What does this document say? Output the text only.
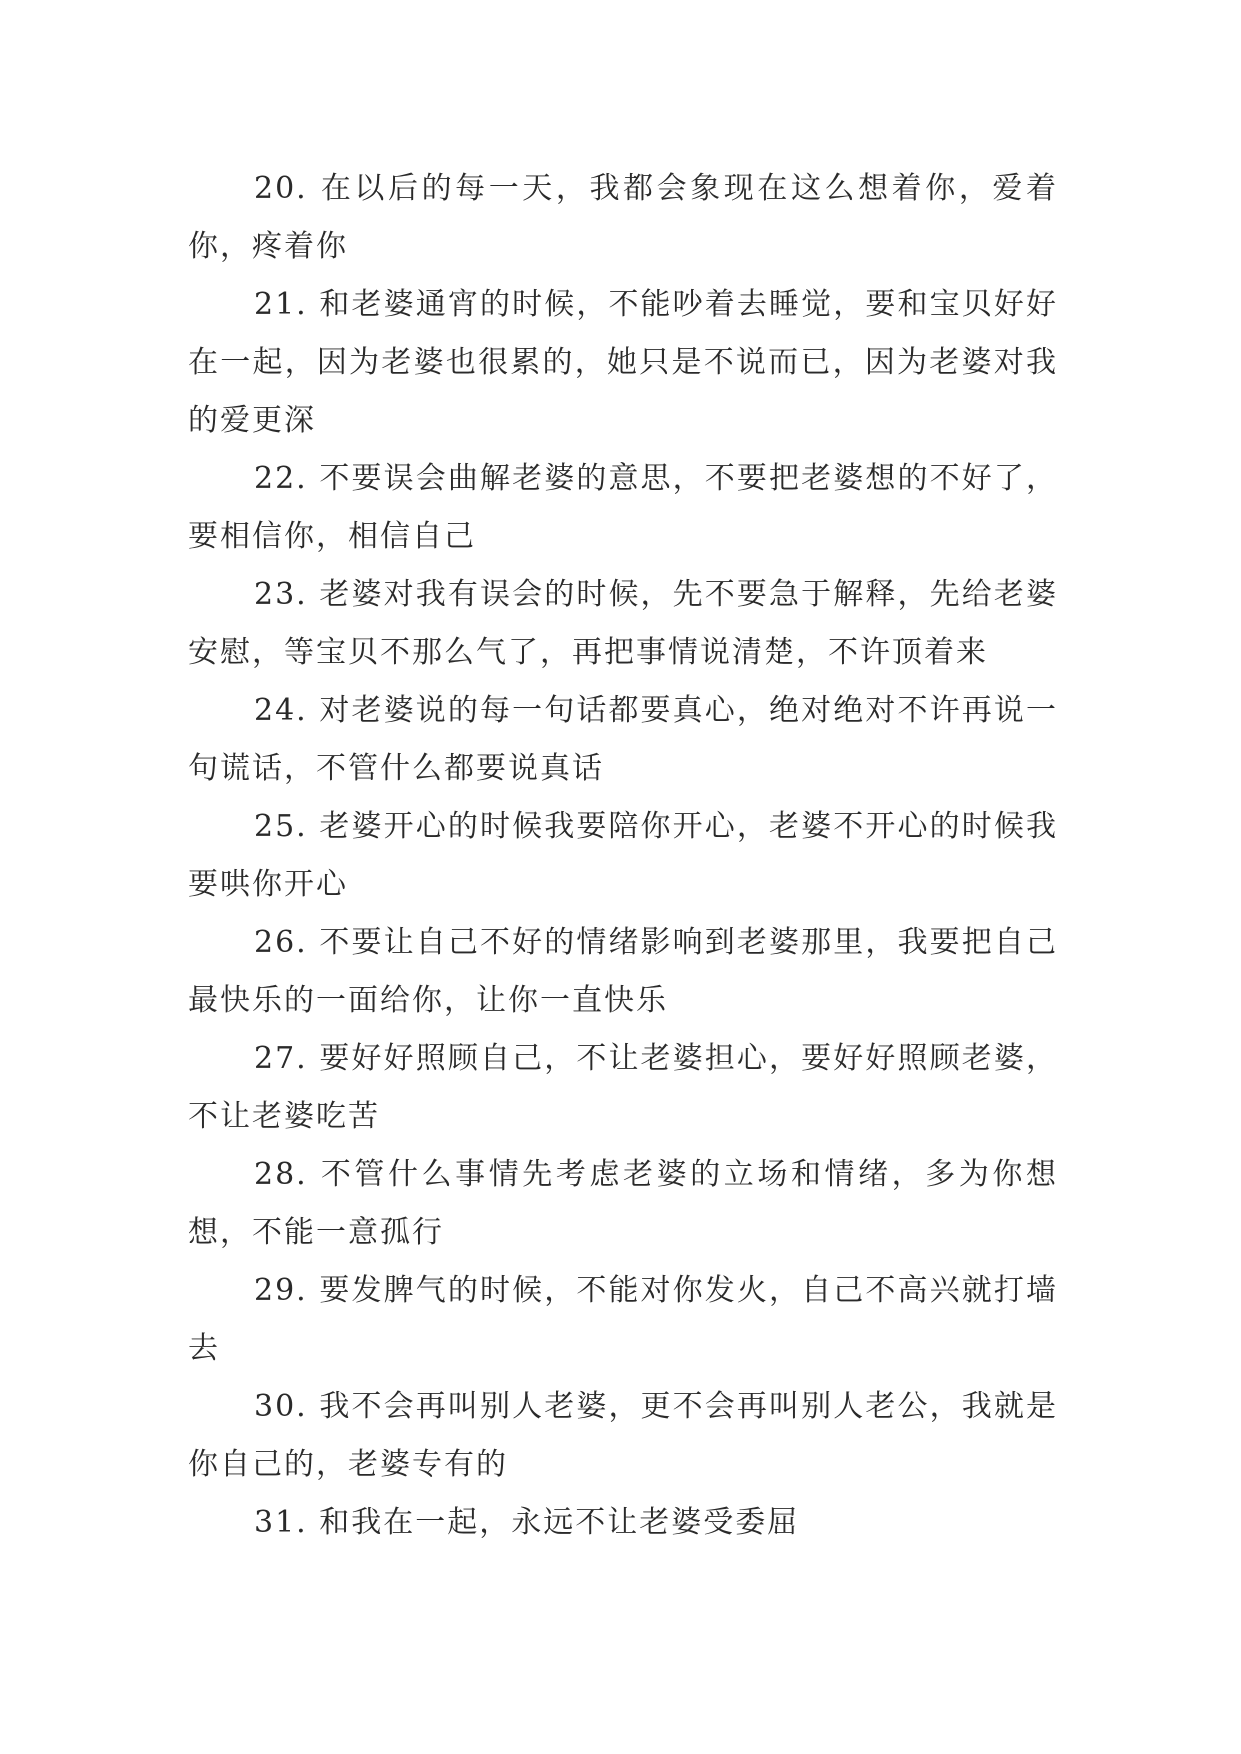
20. 在以后的每一天，我都会象现在这么想着你，爱着你，疼着你

21. 和老婆通宵的时候，不能吵着去睡觉，要和宝贝好好在一起，因为老婆也很累的，她只是不说而已，因为老婆对我的爱更深

22. 不要误会曲解老婆的意思，不要把老婆想的不好了，要相信你，相信自己

23. 老婆对我有误会的时候，先不要急于解释，先给老婆安慰，等宝贝不那么气了，再把事情说清楚，不许顶着来

24. 对老婆说的每一句话都要真心，绝对绝对不许再说一句谎话，不管什么都要说真话

25. 老婆开心的时候我要陪你开心，老婆不开心的时候我要哄你开心

26. 不要让自己不好的情绪影响到老婆那里，我要把自己最快乐的一面给你，让你一直快乐

27. 要好好照顾自己，不让老婆担心，要好好照顾老婆，不让老婆吃苦

28. 不管什么事情先考虑老婆的立场和情绪，多为你想想，不能一意孤行

29. 要发脾气的时候，不能对你发火，自己不高兴就打墙去

30. 我不会再叫别人老婆，更不会再叫别人老公，我就是你自己的，老婆专有的

31. 和我在一起，永远不让老婆受委屈
